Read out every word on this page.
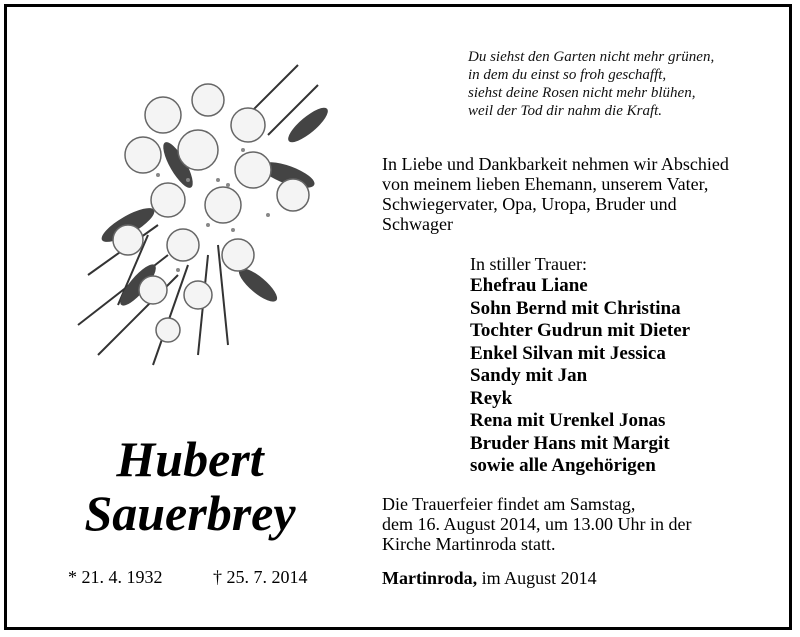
Du siehst den Garten nicht mehr grünen,
in dem du einst so froh geschafft,
siehst deine Rosen nicht mehr blühen,
weil der Tod dir nahm die Kraft.
In Liebe und Dankbarkeit nehmen wir Abschied
von meinem lieben Ehemann, unserem Vater,
Schwiegervater, Opa, Uropa, Bruder und
Schwager
In stiller Trauer:
Ehefrau Liane
Sohn Bernd mit Christina
Tochter Gudrun mit Dieter
Enkel Silvan mit Jessica
Sandy mit Jan
Reyk
Rena mit Urenkel Jonas
Bruder Hans mit Margit
sowie alle Angehörigen
Hubert
Sauerbrey
* 21. 4. 1932	† 25. 7. 2014
Die Trauerfeier findet am Samstag,
dem 16. August 2014, um 13.00 Uhr in der
Kirche Martinroda statt.
Martinroda, im August 2014
